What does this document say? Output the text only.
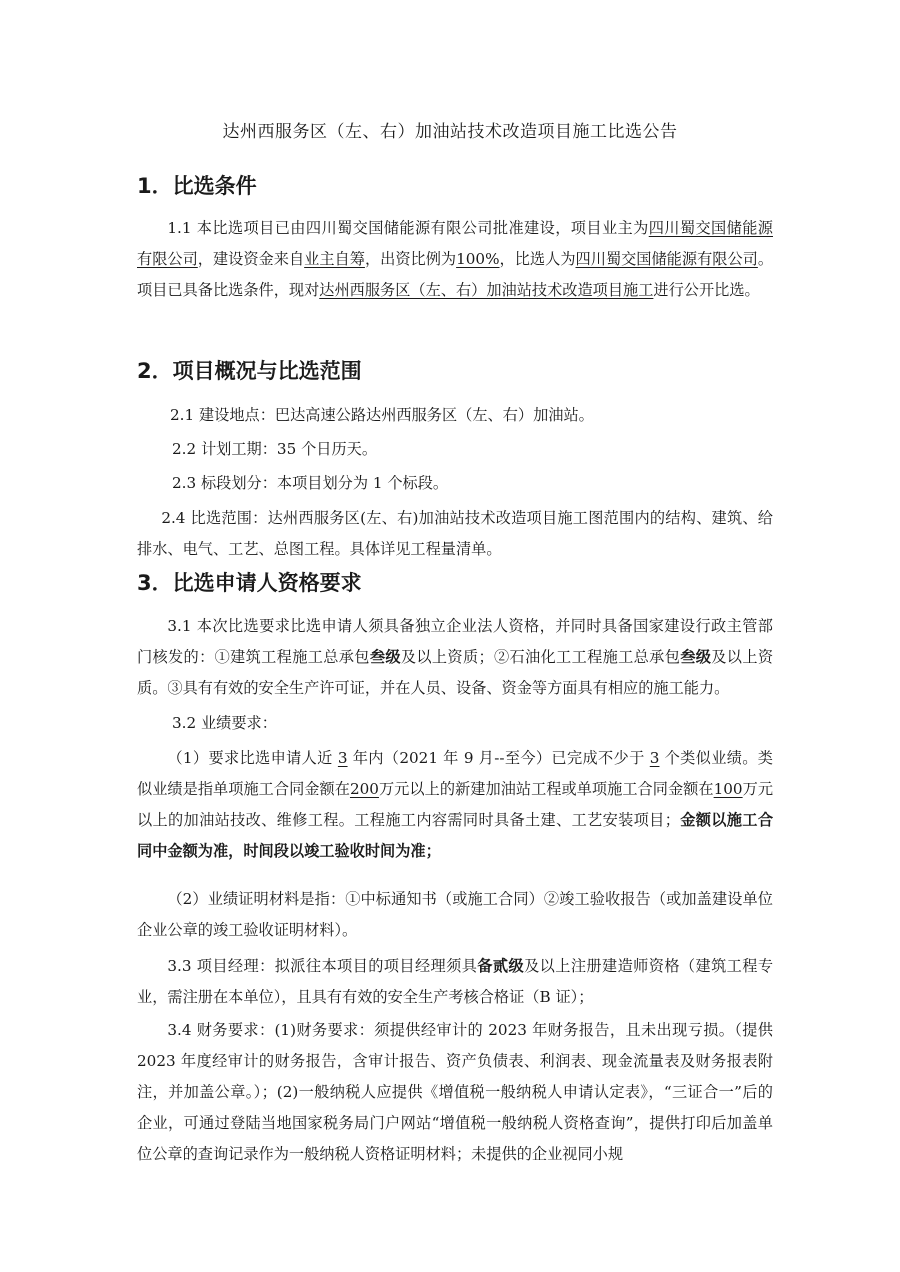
达州西服务区（左、右）加油站技术改造项目施工比选公告
1．比选条件
1.1 本比选项目已由四川蜀交国储能源有限公司批准建设，项目业主为四川蜀交国储能源有限公司，建设资金来自业主自筹，出资比例为100%，比选人为四川蜀交国储能源有限公司。项目已具备比选条件，现对达州西服务区（左、右）加油站技术改造项目施工进行公开比选。
2．项目概况与比选范围
2.1 建设地点：巴达高速公路达州西服务区（左、右）加油站。
2.2 计划工期：35 个日历天。
2.3 标段划分：本项目划分为 1 个标段。
2.4 比选范围：达州西服务区(左、右)加油站技术改造项目施工图范围内的结构、建筑、给排水、电气、工艺、总图工程。具体详见工程量清单。
3．比选申请人资格要求
3.1 本次比选要求比选申请人须具备独立企业法人资格，并同时具备国家建设行政主管部门核发的：①建筑工程施工总承包叁级及以上资质；②石油化工工程施工总承包叁级及以上资质。③具有有效的安全生产许可证，并在人员、设备、资金等方面具有相应的施工能力。
3.2 业绩要求：
（1）要求比选申请人近 3 年内（2021 年 9 月--至今）已完成不少于 3 个类似业绩。类似业绩是指单项施工合同金额在200万元以上的新建加油站工程或单项施工合同金额在100万元以上的加油站技改、维修工程。工程施工内容需同时具备土建、工艺安装项目；金额以施工合同中金额为准，时间段以竣工验收时间为准；
（2）业绩证明材料是指：①中标通知书（或施工合同）②竣工验收报告（或加盖建设单位企业公章的竣工验收证明材料）。
3.3 项目经理：拟派往本项目的项目经理须具备贰级及以上注册建造师资格（建筑工程专业，需注册在本单位），且具有有效的安全生产考核合格证（B 证）；
3.4 财务要求：(1)财务要求：须提供经审计的 2023 年财务报告，且未出现亏损。（提供 2023 年度经审计的财务报告，含审计报告、资产负债表、利润表、现金流量表及财务报表附注，并加盖公章。）；(2)一般纳税人应提供《增值税一般纳税人申请认定表》，“三证合一”后的企业，可通过登陆当地国家税务局门户网站“增值税一般纳税人资格查询”，提供打印后加盖单位公章的查询记录作为一般纳税人资格证明材料；未提供的企业视同小规
